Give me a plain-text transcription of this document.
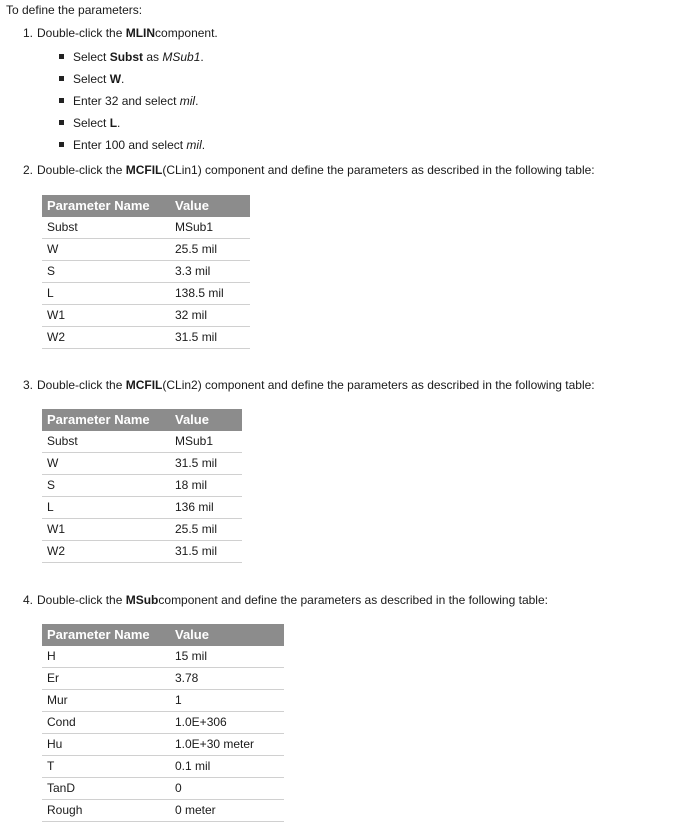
To define the parameters:
1. Double-click the MLINcomponent.
Select Subst as MSub1.
Select W.
Enter 32 and select mil.
Select L.
Enter 100 and select mil.
2. Double-click the MCFIL(CLin1) component and define the parameters as described in the following table:
Parameter Name	Value
Subst	MSub1
W	25.5 mil
S	3.3 mil
L	138.5 mil
W1	32 mil
W2	31.5 mil
3. Double-click the MCFIL(CLin2) component and define the parameters as described in the following table:
Parameter Name	Value
Subst	MSub1
W	31.5 mil
S	18 mil
L	136 mil
W1	25.5 mil
W2	31.5 mil
4. Double-click the MSubcomponent and define the parameters as described in the following table:
Parameter Name	Value
H	15 mil
Er	3.78
Mur	1
Cond	1.0E+306
Hu	1.0E+30 meter
T	0.1 mil
TanD	0
Rough	0 meter
